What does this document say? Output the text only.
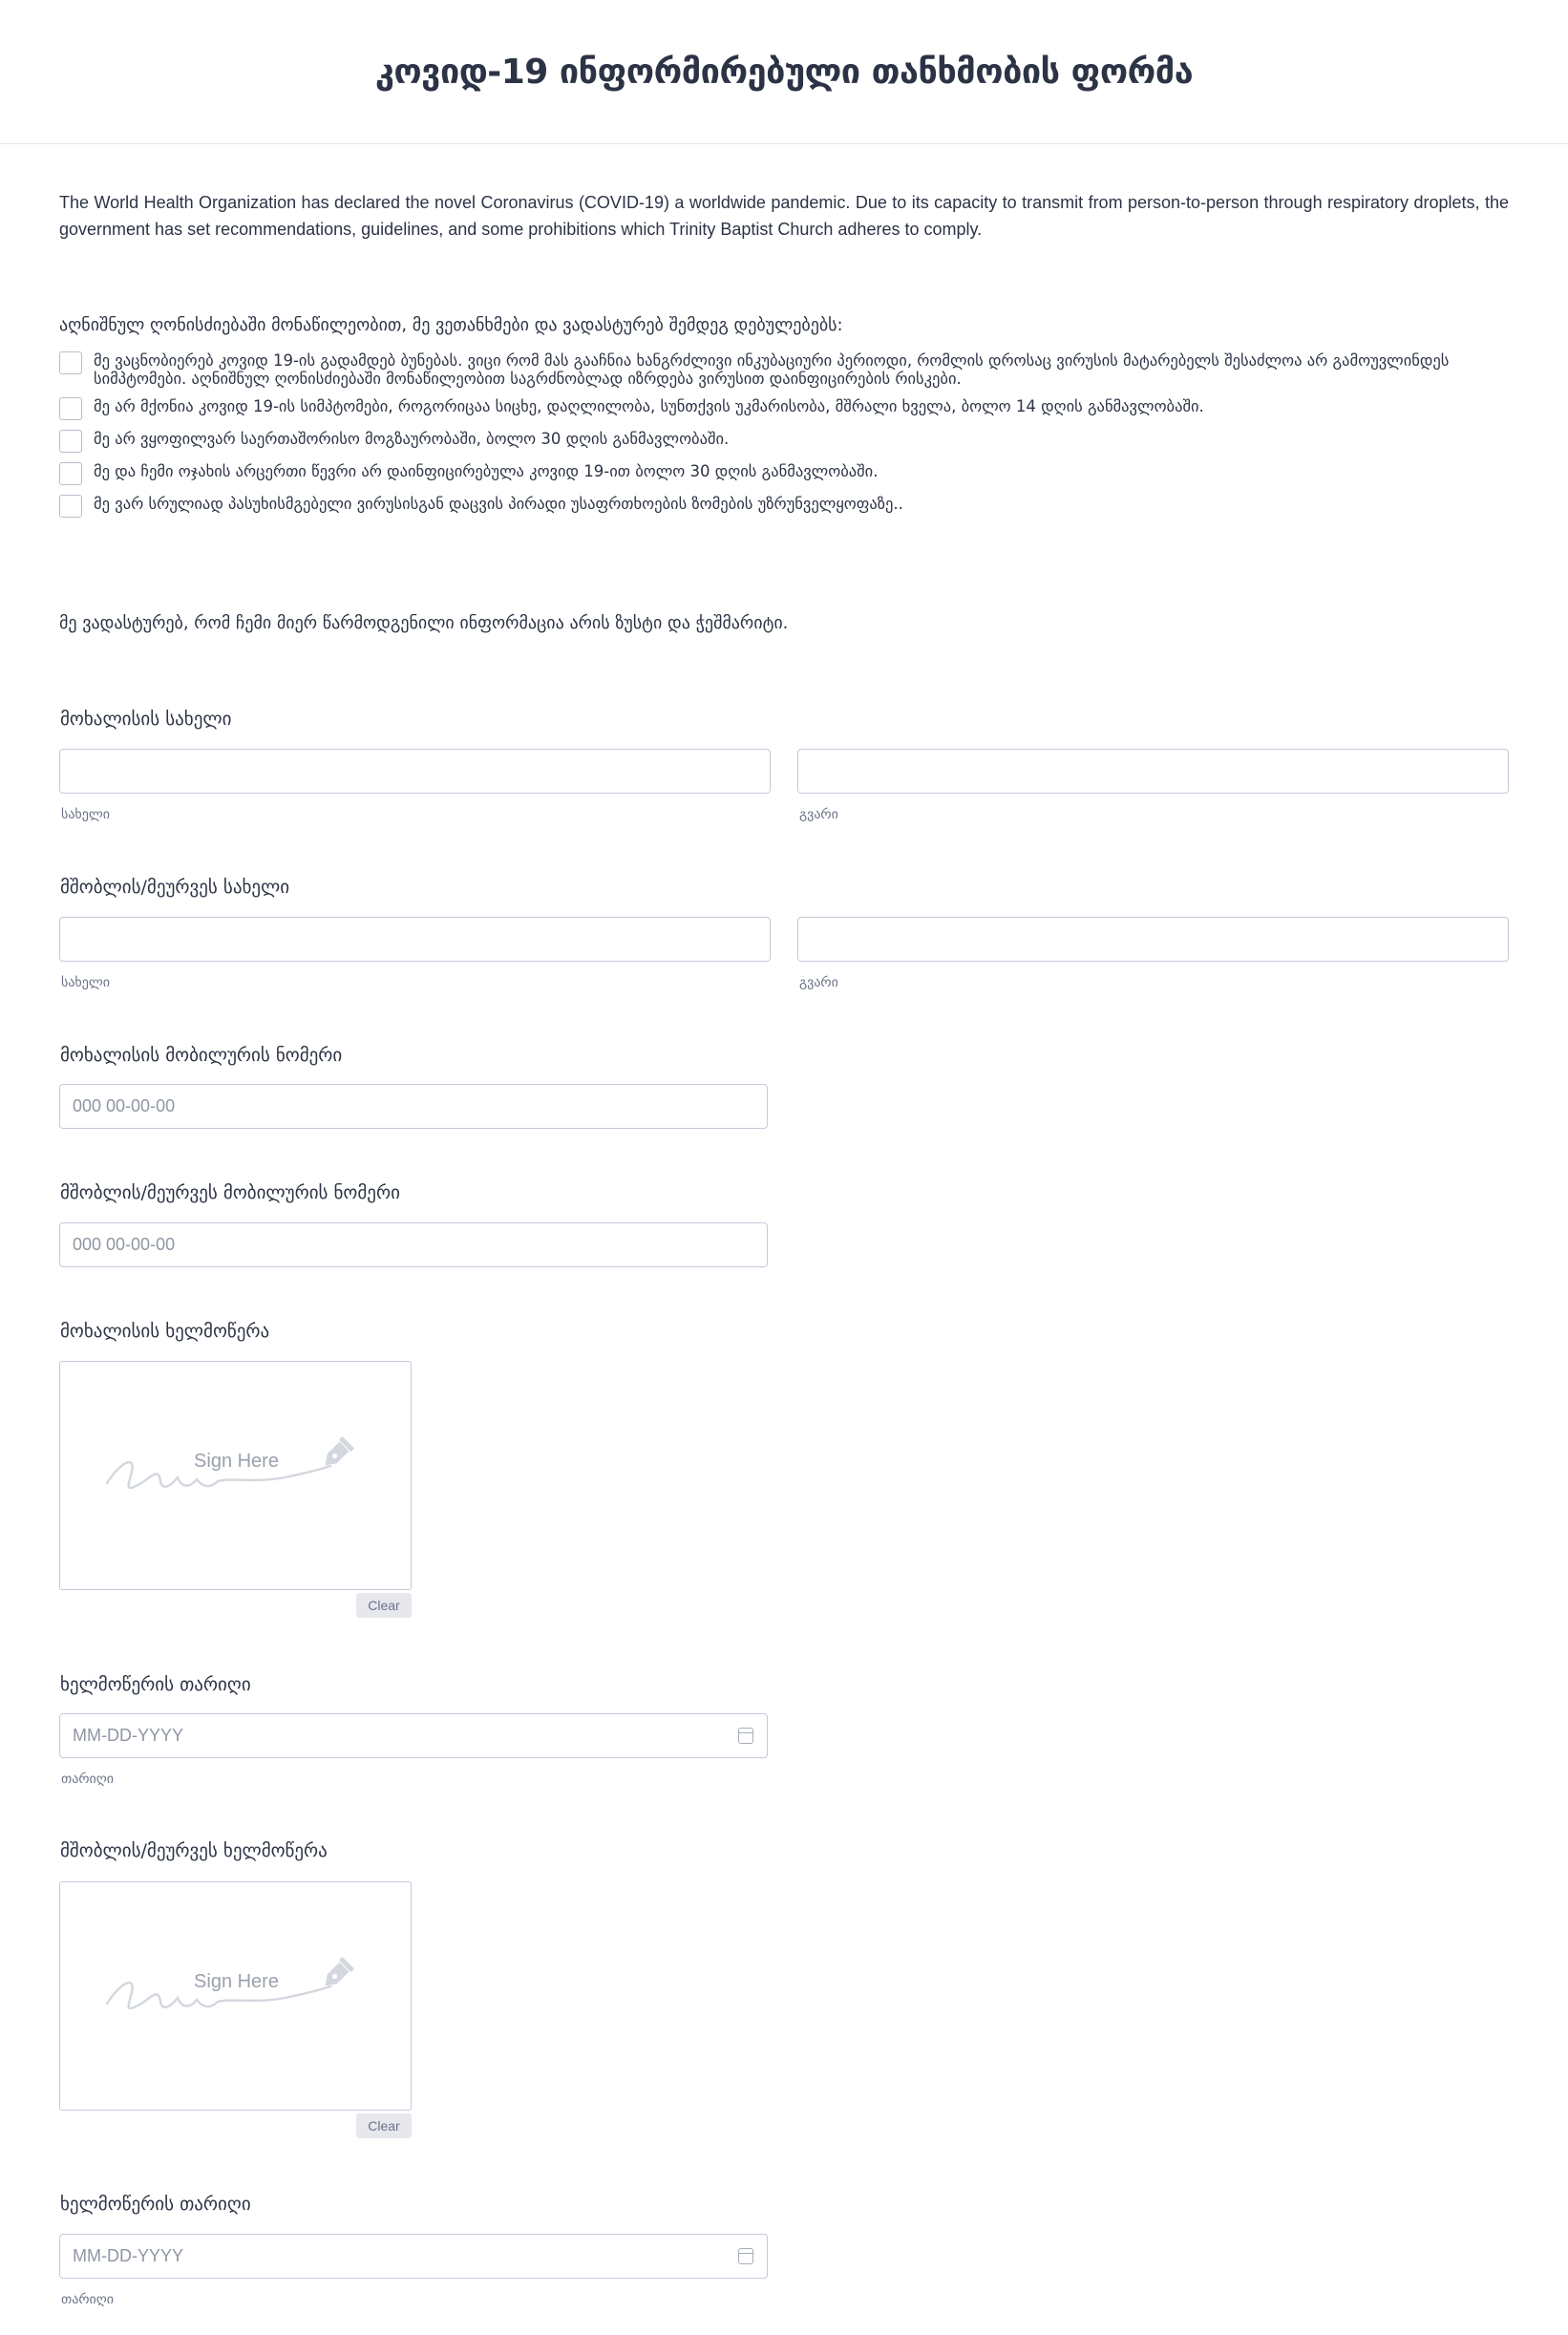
კოვიდ-19 ინფორმირებული თანხმობის ფორმა

The World Health Organization has declared the novel Coronavirus (COVID-19) a worldwide pandemic. Due to its capacity to transmit from person-to-person through respiratory droplets, the government has set recommendations, guidelines, and some prohibitions which Trinity Baptist Church adheres to comply.

აღნიშნულ ღონისძიებაში მონაწილეობით, მე ვეთანხმები და ვადასტურებ შემდეგ დებულებებს:
მე ვაცნობიერებ კოვიდ 19-ის გადამდებ ბუნებას. ვიცი რომ მას გააჩნია ხანგრძლივი ინკუბაციური პერიოდი, რომლის დროსაც ვირუსის მატარებელს შესაძლოა არ გამოუვლინდეს სიმპტომები. აღნიშნულ ღონისძიებაში მონაწილეობით საგრძნობლად იზრდება ვირუსით დაინფიცირების რისკები.
მე არ მქონია კოვიდ 19-ის სიმპტომები, როგორიცაა სიცხე, დაღლილობა, სუნთქვის უკმარისობა, მშრალი ხველა, ბოლო 14 დღის განმავლობაში.
მე არ ვყოფილვარ საერთაშორისო მოგზაურობაში, ბოლო 30 დღის განმავლობაში.
მე და ჩემი ოჯახის არცერთი წევრი არ დაინფიცირებულა კოვიდ 19-ით ბოლო 30 დღის განმავლობაში.
მე ვარ სრულიად პასუხისმგებელი ვირუსისგან დაცვის პირადი უსაფრთხოების ზომების უზრუნველყოფაზე..
მე ვადასტურებ, რომ ჩემი მიერ წარმოდგენილი ინფორმაცია არის ზუსტი და ჭეშმარიტი.
მოხალისის სახელი
სახელი	გვარი
მშობლის/მეურვეს სახელი
სახელი	გვარი
მოხალისის მობილურის ნომერი
000 00-00-00
მშობლის/მეურვეს მობილურის ნომერი
000 00-00-00
მოხალისის ხელმოწერა
Sign Here
Clear
ხელმოწერის თარიღი
MM-DD-YYYY
თარიღი
მშობლის/მეურვეს ხელმოწერა
Sign Here
Clear
ხელმოწერის თარიღი
MM-DD-YYYY
თარიღი
